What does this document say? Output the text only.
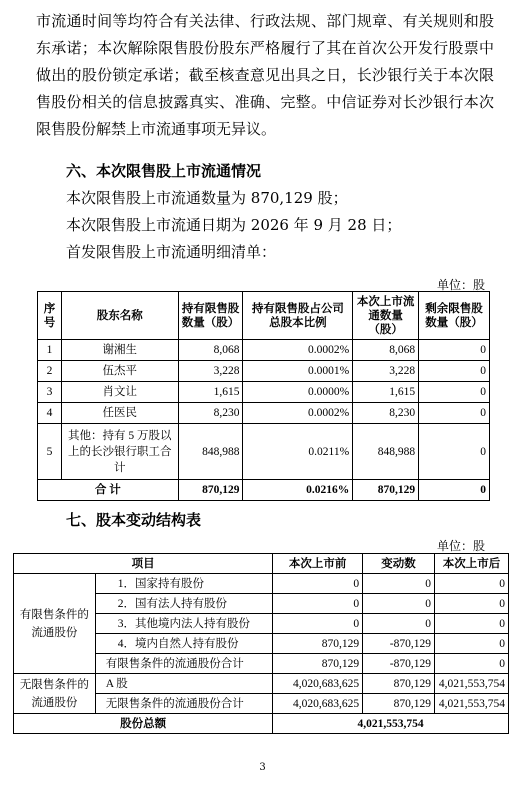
市流通时间等均符合有关法律、行政法规、部门规章、有关规则和股东承诺；本次解除限售股份股东严格履行了其在首次公开发行股票中做出的股份锁定承诺；截至核查意见出具之日，长沙银行关于本次限售股份相关的信息披露真实、准确、完整。中信证券对长沙银行本次限售股份解禁上市流通事项无异议。

六、本次限售股上市流通情况
本次限售股上市流通数量为 870,129 股；
本次限售股上市流通日期为 2026 年 9 月 28 日；
首发限售股上市流通明细清单：
单位：股
序号	股东名称	持有限售股数量（股）	持有限售股占公司总股本比例	本次上市流通数量（股）	剩余限售股数量（股）
1	谢湘生	8,068	0.0002%	8,068	0
2	伍杰平	3,228	0.0001%	3,228	0
3	肖文让	1,615	0.0000%	1,615	0
4	任医民	8,230	0.0002%	8,230	0
5	其他：持有 5 万股以上的长沙银行职工合计	848,988	0.0211%	848,988	0
合 计		870,129	0.0216%	870,129	0
七、股本变动结构表
单位：股
项目		本次上市前	变动数	本次上市后
有限售条件的流通股份	1．国家持有股份	0	0	0
	2．国有法人持有股份	0	0	0
	3．其他境内法人持有股份	0	0	0
	4．境内自然人持有股份	870,129	-870,129	0
	有限售条件的流通股份合计	870,129	-870,129	0
无限售条件的流通股份	A 股	4,020,683,625	870,129	4,021,553,754
	无限售条件的流通股份合计	4,020,683,625	870,129	4,021,553,754
股份总额		4,021,553,754		
3
